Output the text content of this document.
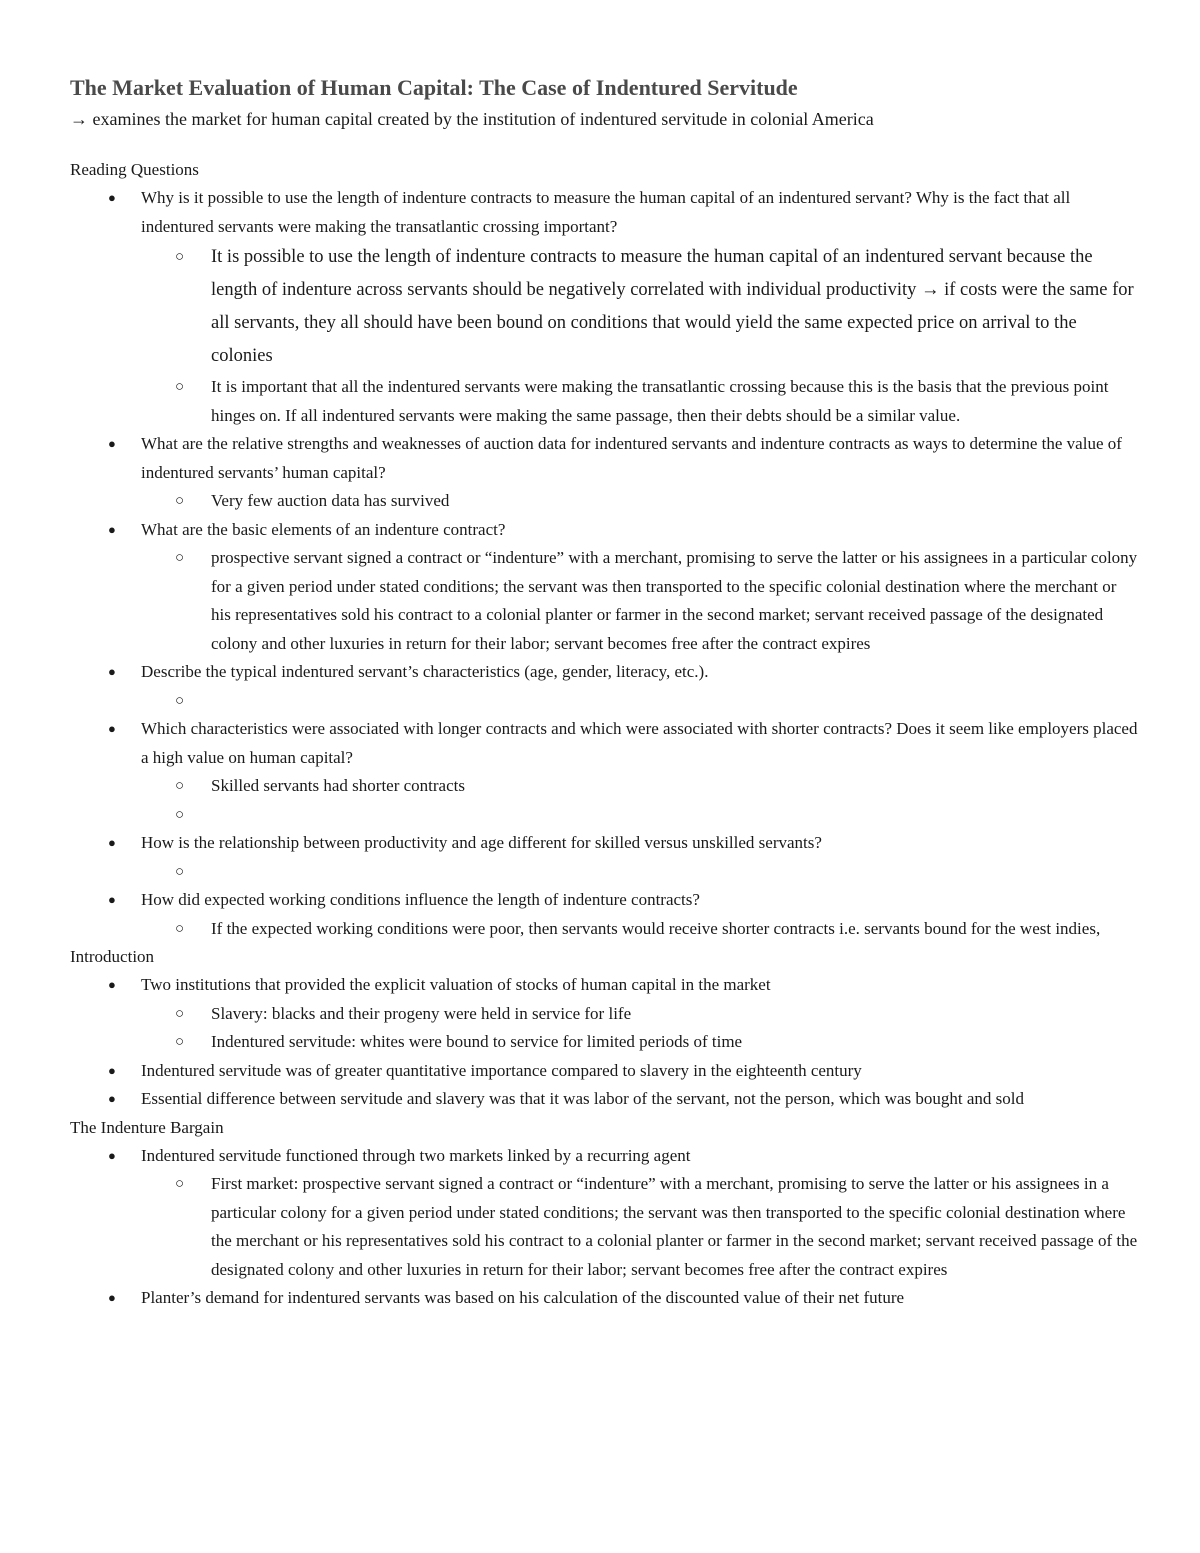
The Market Evaluation of Human Capital: The Case of Indentured Servitude

→ examines the market for human capital created by the institution of indentured servitude in colonial America

Reading Questions

● Why is it possible to use the length of indenture contracts to measure the human capital of an indentured servant? Why is the fact that all indentured servants were making the transatlantic crossing important?
○ It is possible to use the length of indenture contracts to measure the human capital of an indentured servant because the length of indenture across servants should be negatively correlated with individual productivity → if costs were the same for all servants, they all should have been bound on conditions that would yield the same expected price on arrival to the colonies
○ It is important that all the indentured servants were making the transatlantic crossing because this is the basis that the previous point hinges on. If all indentured servants were making the same passage, then their debts should be a similar value.
● What are the relative strengths and weaknesses of auction data for indentured servants and indenture contracts as ways to determine the value of indentured servants’ human capital?
○ Very few auction data has survived
● What are the basic elements of an indenture contract?
○ prospective servant signed a contract or “indenture” with a merchant, promising to serve the latter or his assignees in a particular colony for a given period under stated conditions; the servant was then transported to the specific colonial destination where the merchant or his representatives sold his contract to a colonial planter or farmer in the second market; servant received passage of the designated colony and other luxuries in return for their labor; servant becomes free after the contract expires
● Describe the typical indentured servant’s characteristics (age, gender, literacy, etc.).
○

● Which characteristics were associated with longer contracts and which were associated with shorter contracts? Does it seem like employers placed a high value on human capital?
○ Skilled servants had shorter contracts
○

● How is the relationship between productivity and age different for skilled versus unskilled servants?
○

● How did expected working conditions influence the length of indenture contracts?
○ If the expected working conditions were poor, then servants would receive shorter contracts i.e. servants bound for the west indies,

Introduction

● Two institutions that provided the explicit valuation of stocks of human capital in the market
○ Slavery: blacks and their progeny were held in service for life
○ Indentured servitude: whites were bound to service for limited periods of time
● Indentured servitude was of greater quantitative importance compared to slavery in the eighteenth century
● Essential difference between servitude and slavery was that it was labor of the servant, not the person, which was bought and sold

The Indenture Bargain

● Indentured servitude functioned through two markets linked by a recurring agent
○ First market: prospective servant signed a contract or “indenture” with a merchant, promising to serve the latter or his assignees in a particular colony for a given period under stated conditions; the servant was then transported to the specific colonial destination where the merchant or his representatives sold his contract to a colonial planter or farmer in the second market; servant received passage of the designated colony and other luxuries in return for their labor; servant becomes free after the contract expires
● Planter’s demand for indentured servants was based on his calculation of the discounted value of their net future
